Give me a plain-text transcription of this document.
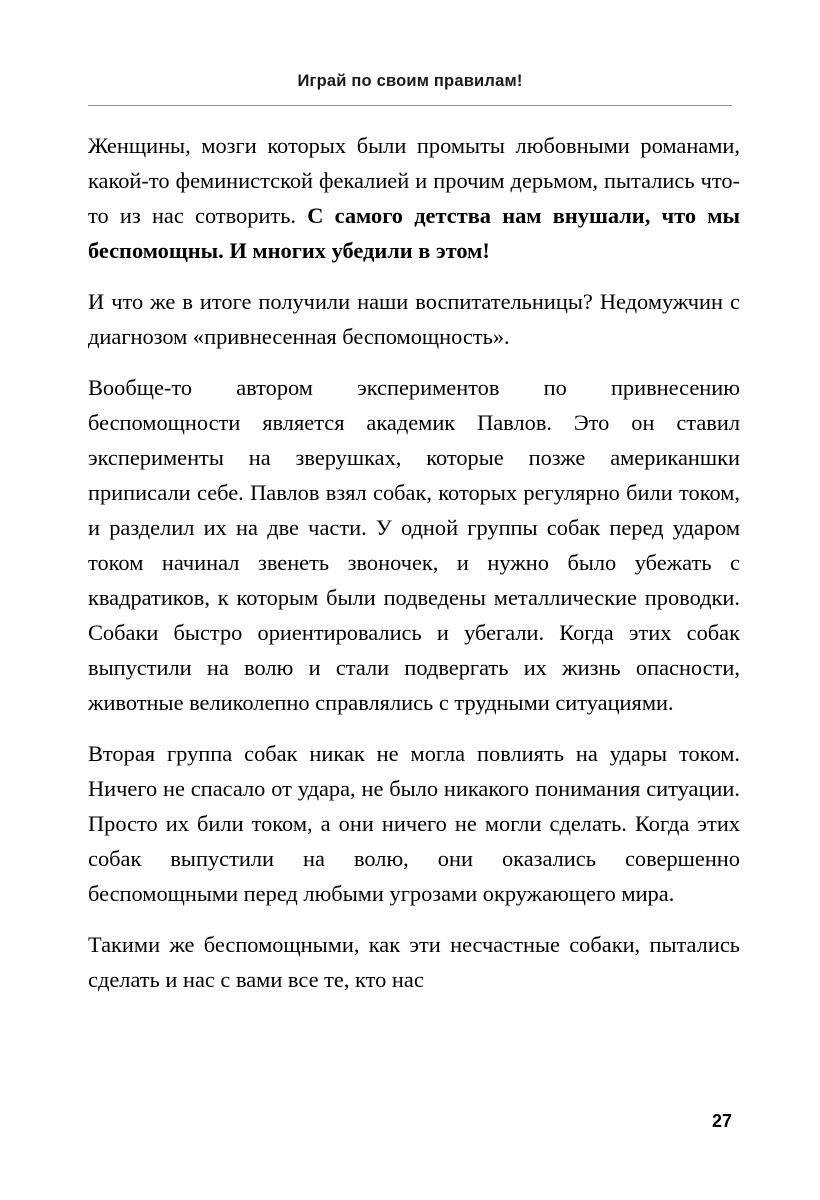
Играй по своим правилам!

Женщины, мозги которых были промыты любовными романами, какой-то феминистской фекалией и прочим дерьмом, пытались что-то из нас сотворить. С самого детства нам внушали, что мы беспомощны. И многих убедили в этом!

И что же в итоге получили наши воспитательницы? Недомужчин с диагнозом «привнесенная беспомощность».

Вообще-то автором экспериментов по привнесению беспомощности является академик Павлов. Это он ставил эксперименты на зверушках, которые позже американшки приписали себе. Павлов взял собак, которых регулярно били током, и разделил их на две части. У одной группы собак перед ударом током начинал звенеть звоночек, и нужно было убежать с квадратиков, к которым были подведены металлические проводки. Собаки быстро ориентировались и убегали. Когда этих собак выпустили на волю и стали подвергать их жизнь опасности, животные великолепно справлялись с трудными ситуациями.

Вторая группа собак никак не могла повлиять на удары током. Ничего не спасало от удара, не было никакого понимания ситуации. Просто их били током, а они ничего не могли сделать. Когда этих собак выпустили на волю, они оказались совершенно беспомощными перед любыми угрозами окружающего мира.

Такими же беспомощными, как эти несчастные собаки, пытались сделать и нас с вами все те, кто нас

27
